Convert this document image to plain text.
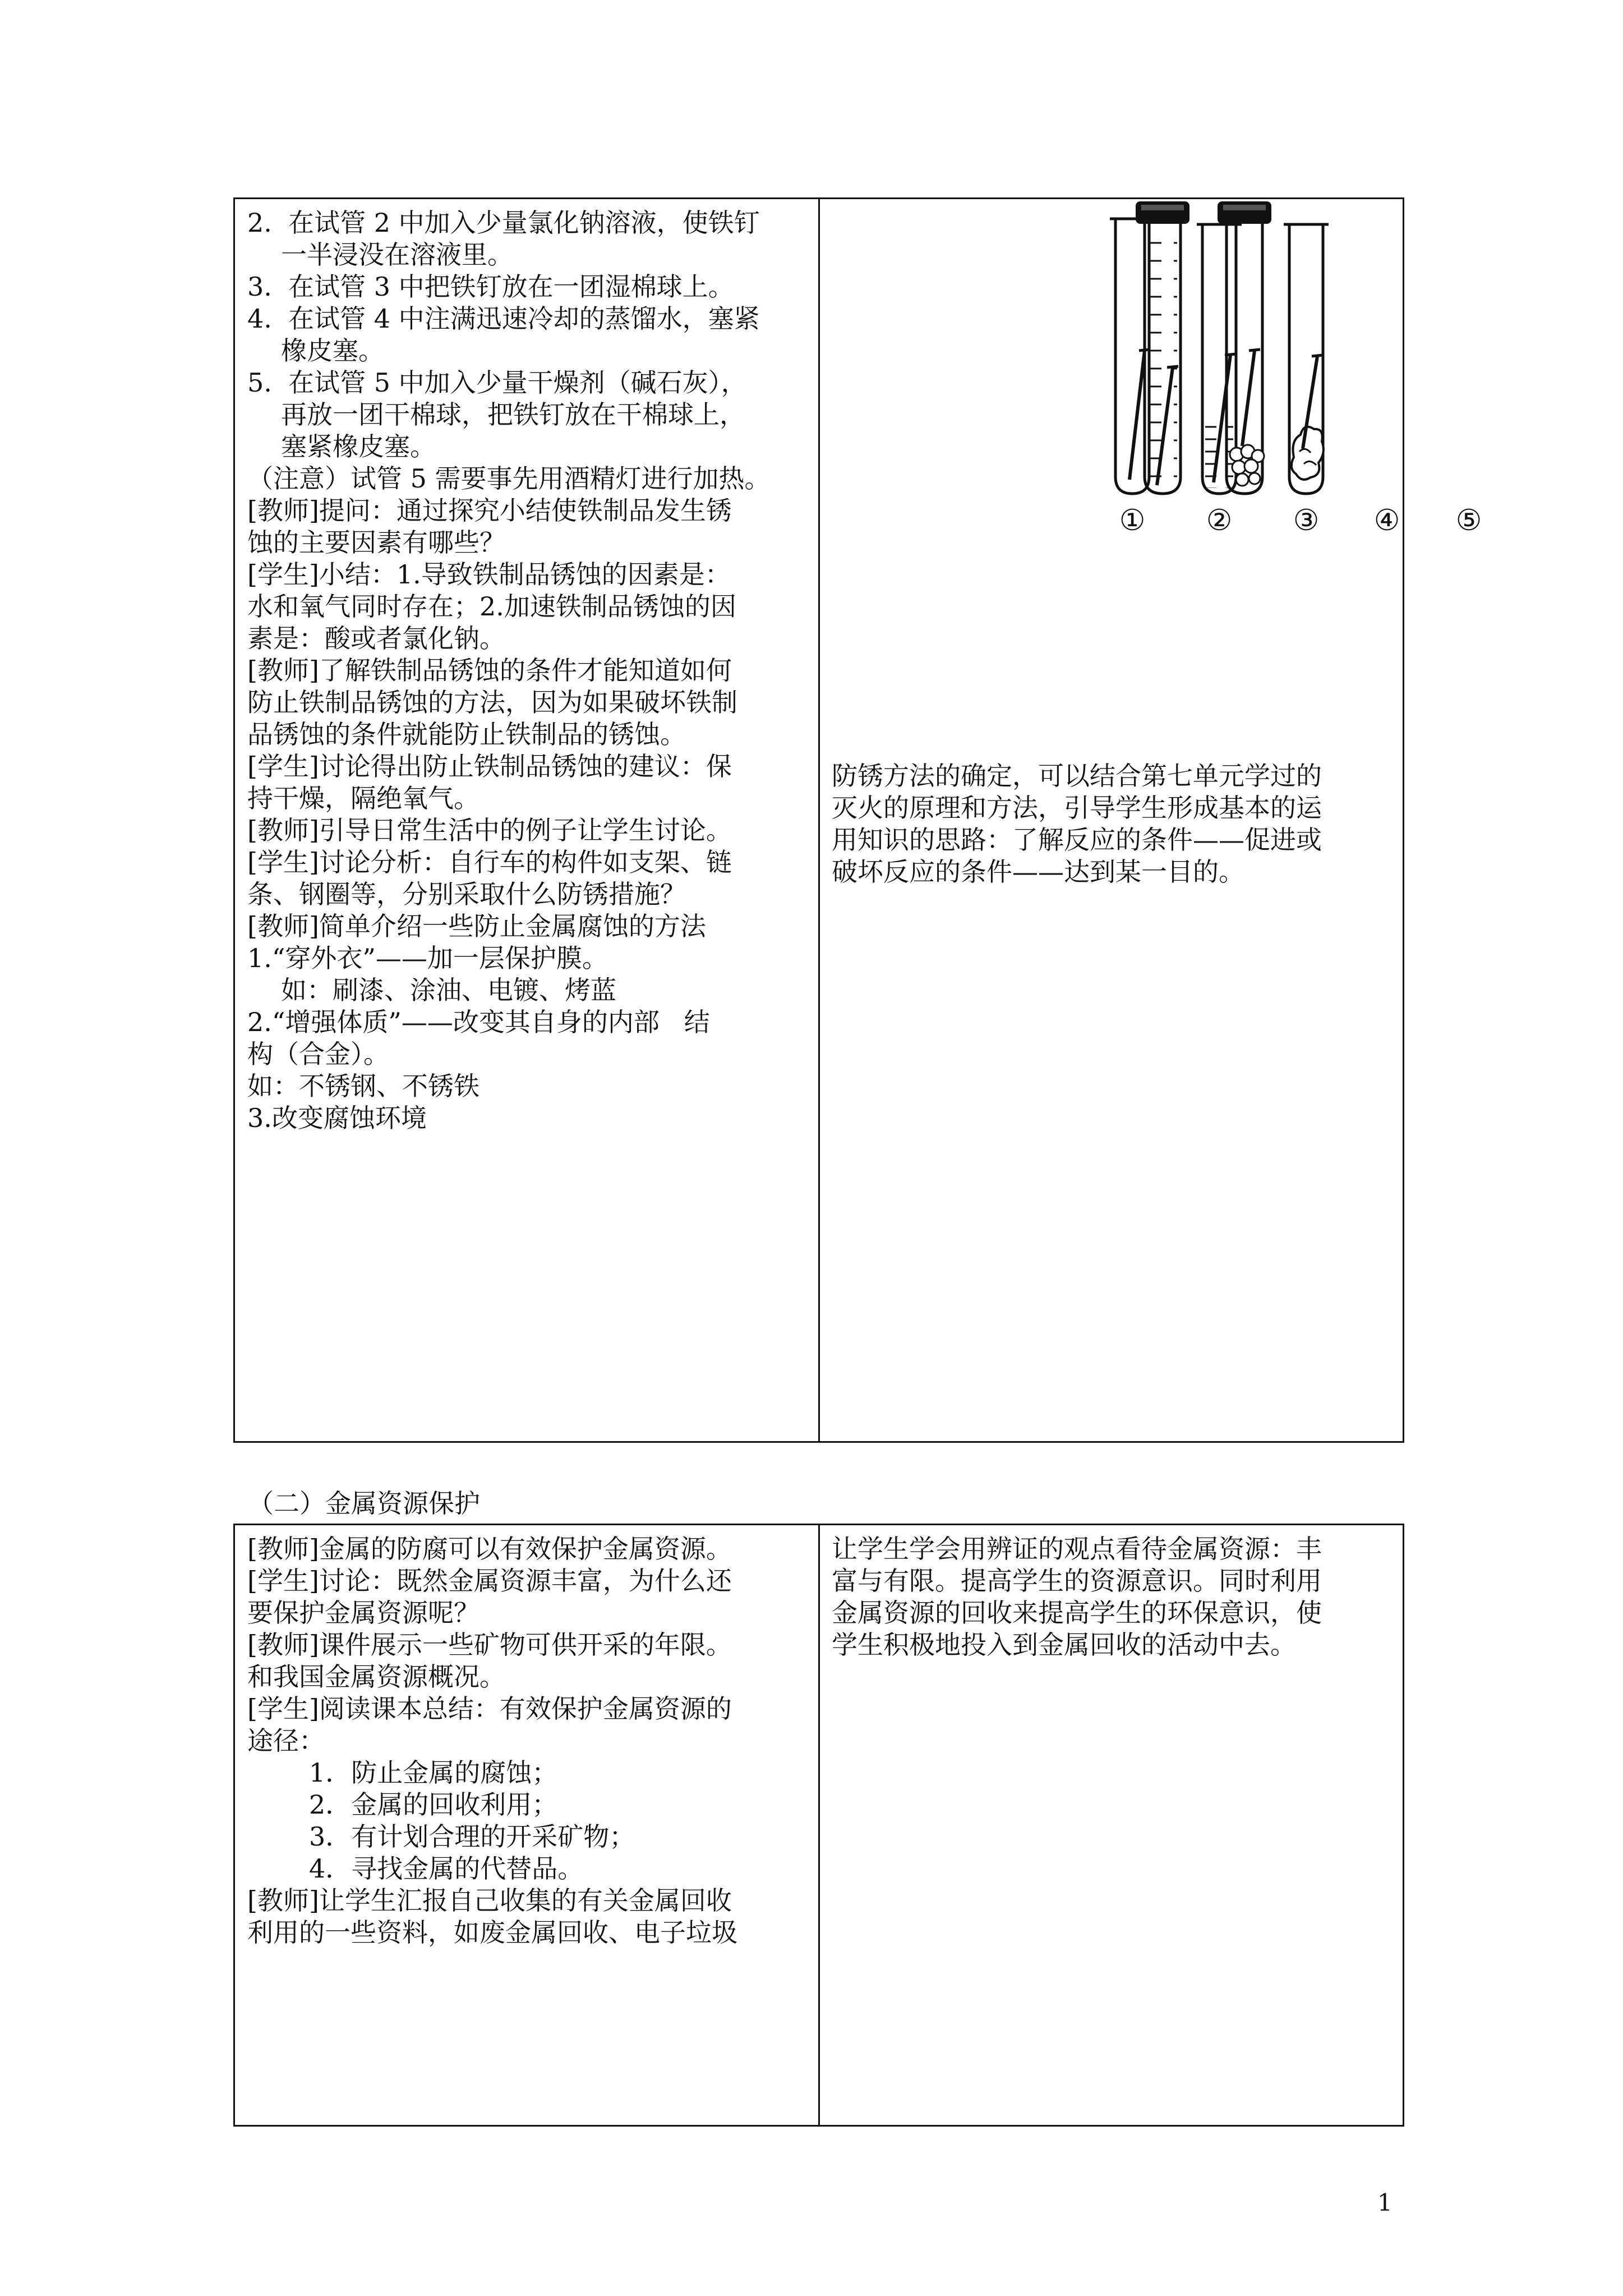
2.  在试管 2 中加入少量氯化钠溶液，使铁钉
一半浸没在溶液里。
3.  在试管 3 中把铁钉放在一团湿棉球上。
4.  在试管 4 中注满迅速冷却的蒸馏水，塞紧
橡皮塞。
5.  在试管 5 中加入少量干燥剂（碱石灰），
再放一团干棉球，把铁钉放在干棉球上，
塞紧橡皮塞。
（注意）试管 5 需要事先用酒精灯进行加热。
[教师]提问：通过探究小结使铁制品发生锈
蚀的主要因素有哪些？
[学生]小结：1.导致铁制品锈蚀的因素是：
水和氧气同时存在；2.加速铁制品锈蚀的因
素是：酸或者氯化钠。
[教师]了解铁制品锈蚀的条件才能知道如何
防止铁制品锈蚀的方法，因为如果破坏铁制
品锈蚀的条件就能防止铁制品的锈蚀。
[学生]讨论得出防止铁制品锈蚀的建议：保
持干燥，隔绝氧气。
[教师]引导日常生活中的例子让学生讨论。
[学生]讨论分析：自行车的构件如支架、链
条、钢圈等，分别采取什么防锈措施？
[教师]简单介绍一些防止金属腐蚀的方法
1.“穿外衣”——加一层保护膜。
如：刷漆、涂油、电镀、烤蓝
2.“增强体质”——改变其自身的内部   结
构（合金）。
如：不锈钢、不锈铁
3.改变腐蚀环境
① ② ③ ④ ⑤
防锈方法的确定，可以结合第七单元学过的
灭火的原理和方法，引导学生形成基本的运
用知识的思路：了解反应的条件——促进或
破坏反应的条件——达到某一目的。
（二）金属资源保护
[教师]金属的防腐可以有效保护金属资源。
[学生]讨论：既然金属资源丰富，为什么还
要保护金属资源呢？
[教师]课件展示一些矿物可供开采的年限。
和我国金属资源概况。
[学生]阅读课本总结：有效保护金属资源的
途径：
1．防止金属的腐蚀；
2．金属的回收利用；
3．有计划合理的开采矿物；
4．寻找金属的代替品。
[教师]让学生汇报自己收集的有关金属回收
利用的一些资料，如废金属回收、电子垃圾
让学生学会用辨证的观点看待金属资源：丰
富与有限。提高学生的资源意识。同时利用
金属资源的回收来提高学生的环保意识，使
学生积极地投入到金属回收的活动中去。
1
